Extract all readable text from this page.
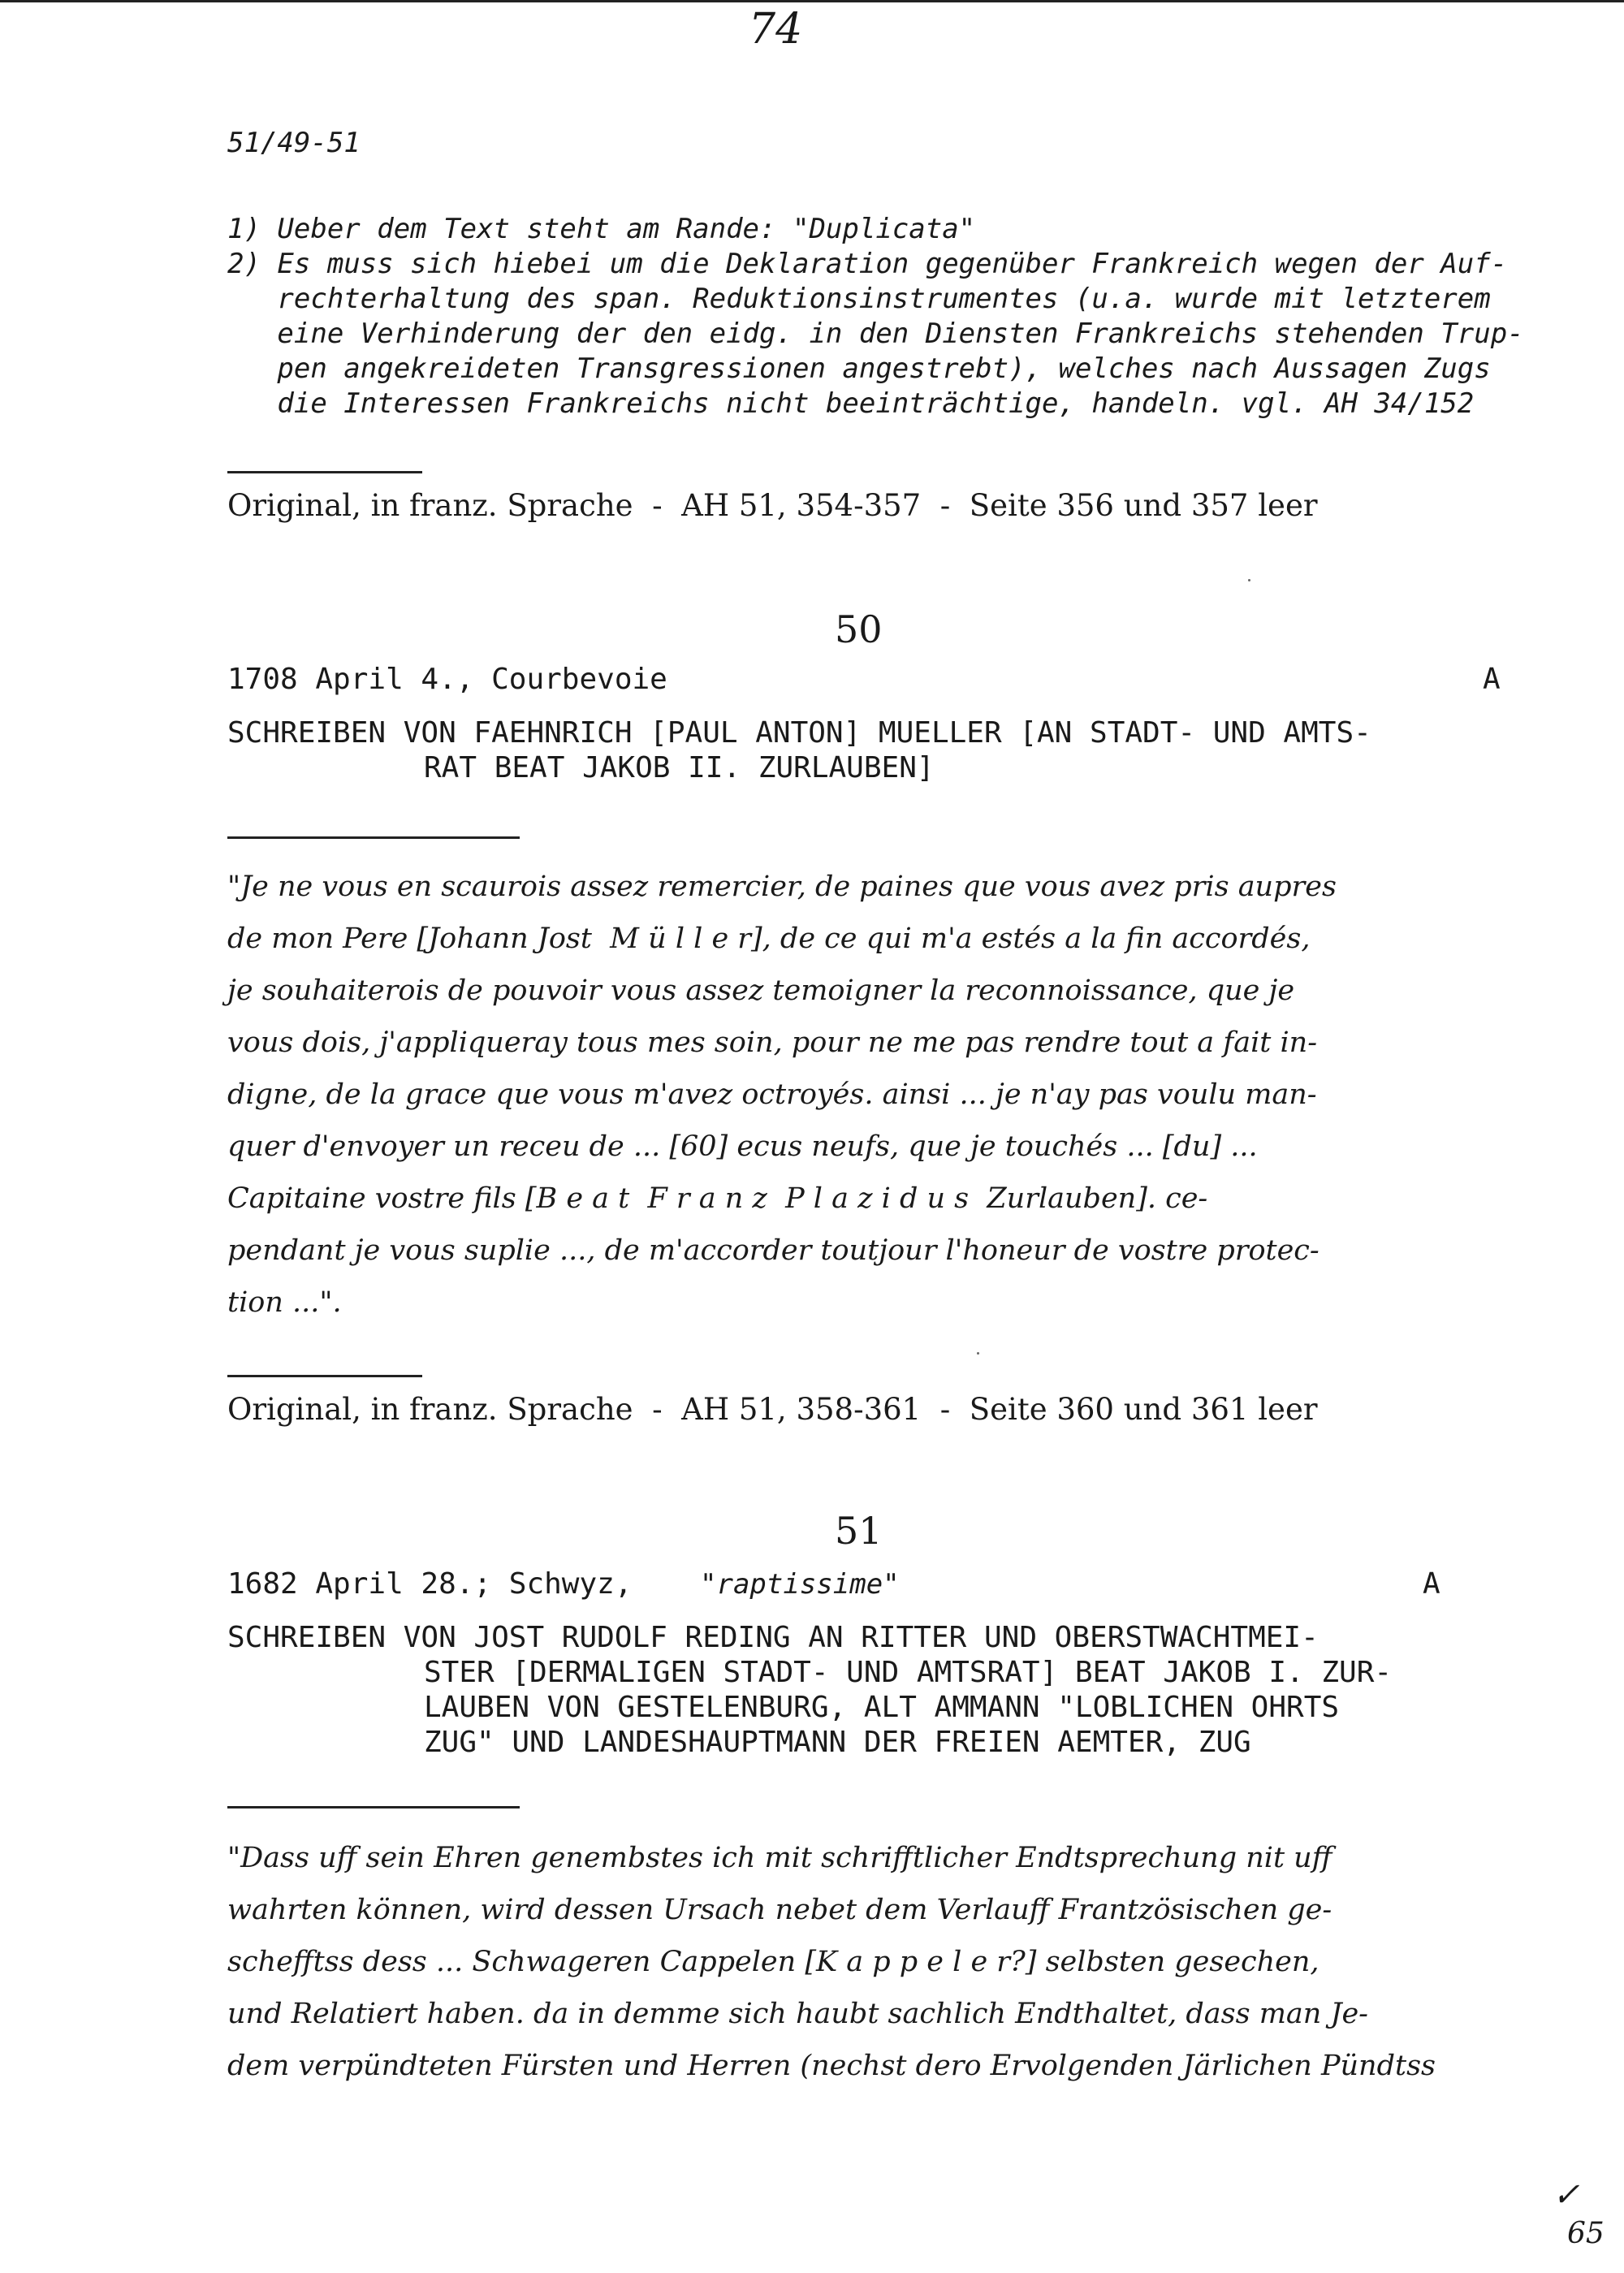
74
51/49-51
1) Ueber dem Text steht am Rande: "Duplicata"
2) Es muss sich hiebei um die Deklaration gegenüber Frankreich wegen der Auf-
rechterhaltung des span. Reduktionsinstrumentes (u.a. wurde mit letzterem
eine Verhinderung der den eidg. in den Diensten Frankreichs stehenden Trup-
pen angekreideten Transgressionen angestrebt), welches nach Aussagen Zugs
die Interessen Frankreichs nicht beeinträchtige, handeln. vgl. AH 34/152
Original, in franz. Sprache  -  AH 51, 354-357  -  Seite 356 und 357 leer
50
1708 April 4., Courbevoie	A
SCHREIBEN VON FAEHNRICH [PAUL ANTON] MUELLER [AN STADT- UND AMTS-
RAT BEAT JAKOB II. ZURLAUBEN]
"Je ne vous en scaurois assez remercier, de paines que vous avez pris aupres
de mon Pere [Johann Jost  M ü l l e r], de ce qui m'a estés a la fin accordés,
je souhaiterois de pouvoir vous assez temoigner la reconnoissance, que je
vous dois, j'appliqueray tous mes soin, pour ne me pas rendre tout a fait in-
digne, de la grace que vous m'avez octroyés. ainsi ... je n'ay pas voulu man-
quer d'envoyer un receu de ... [60] ecus neufs, que je touchés ... [du] ...
Capitaine vostre fils [B e a t  F r a n z  P l a z i d u s  Zurlauben]. ce-
pendant je vous suplie ..., de m'accorder toutjour l'honeur de vostre protec-
tion ...".
Original, in franz. Sprache  -  AH 51, 358-361  -  Seite 360 und 361 leer
51
1682 April 28.; Schwyz, "raptissime"	A
SCHREIBEN VON JOST RUDOLF REDING AN RITTER UND OBERSTWACHTMEI-
STER [DERMALIGEN STADT- UND AMTSRAT] BEAT JAKOB I. ZUR-
LAUBEN VON GESTELENBURG, ALT AMMANN "LOBLICHEN OHRTS
ZUG" UND LANDESHAUPTMANN DER FREIEN AEMTER, ZUG
"Dass uff sein Ehren genembstes ich mit schrifftlicher Endtsprechung nit uff
wahrten können, wird dessen Ursach nebet dem Verlauff Frantzösischen ge-
schefftss dess ... Schwageren Cappelen [K a p p e l e r?] selbsten gesechen,
und Relatiert haben. da in demme sich haubt sachlich Endthaltet, dass man Je-
dem verpündteten Fürsten und Herren (nechst dero Ervolgenden Järlichen Pündtss
✓
65
